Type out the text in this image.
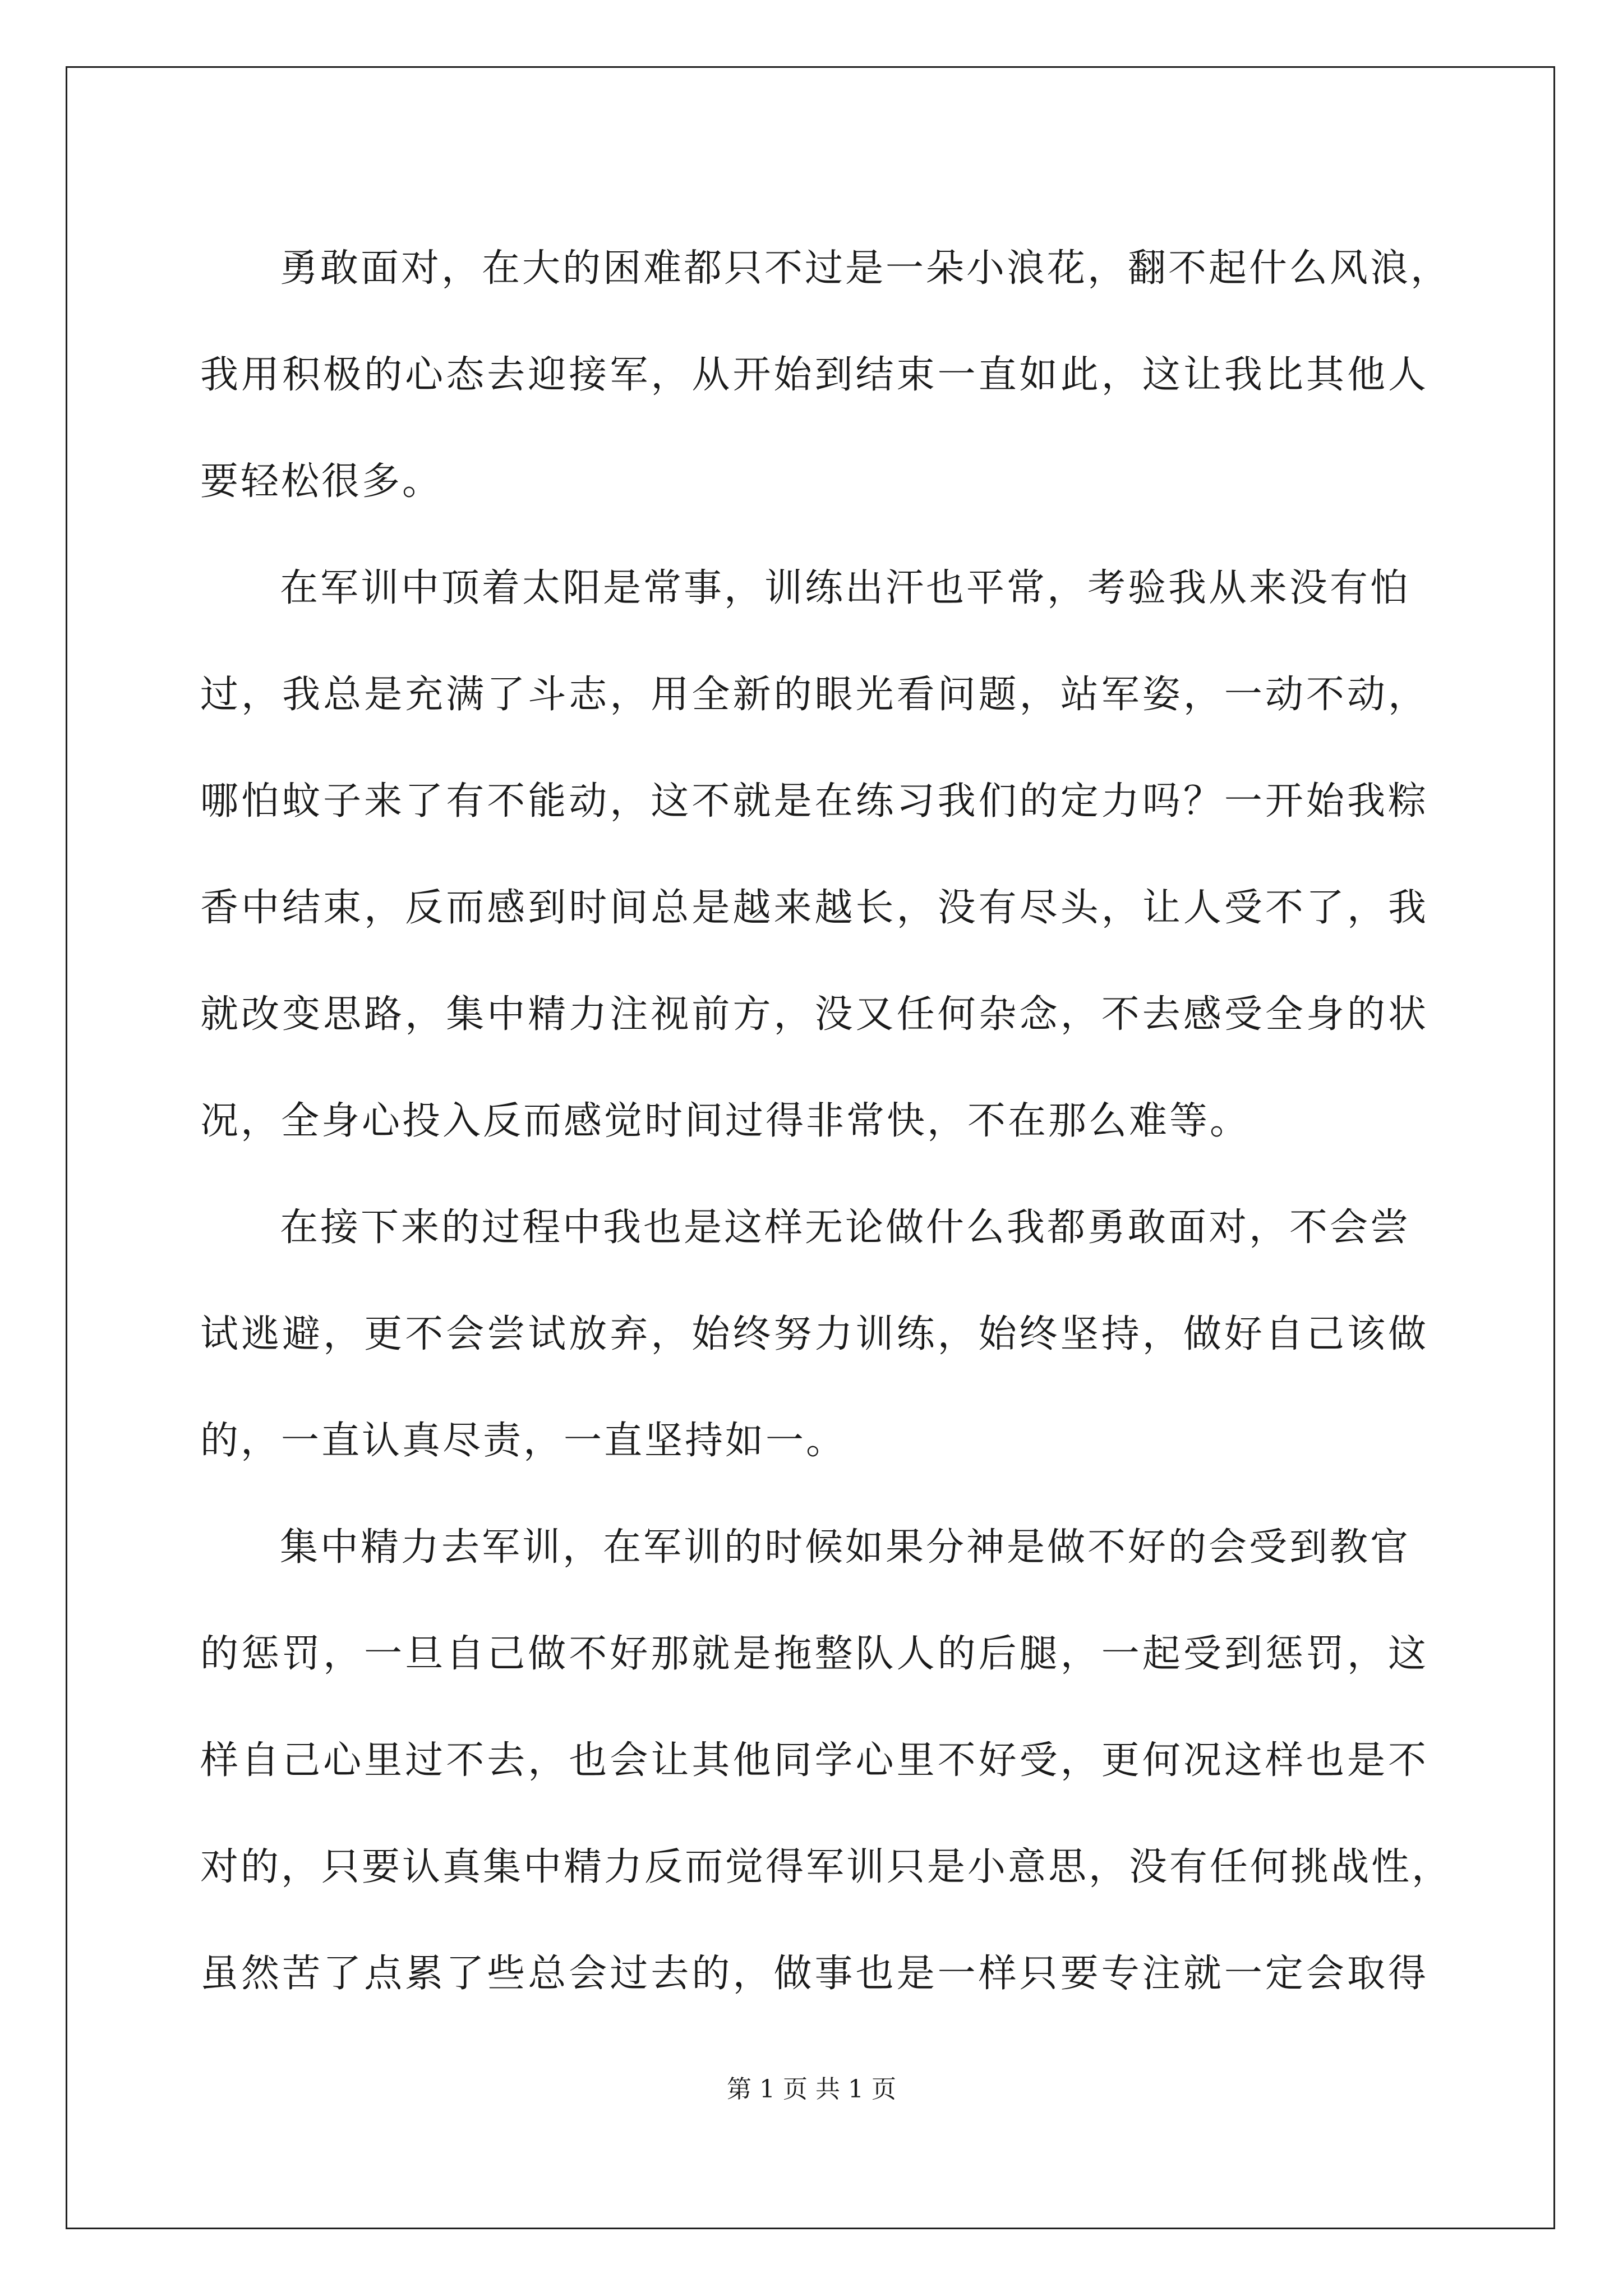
勇敢面对，在大的困难都只不过是一朵小浪花，翻不起什么风浪，
我用积极的心态去迎接军，从开始到结束一直如此，这让我比其他人
要轻松很多。
在军训中顶着太阳是常事，训练出汗也平常，考验我从来没有怕
过，我总是充满了斗志，用全新的眼光看问题，站军姿，一动不动，
哪怕蚊子来了有不能动，这不就是在练习我们的定力吗？一开始我粽
香中结束，反而感到时间总是越来越长，没有尽头，让人受不了，我
就改变思路，集中精力注视前方，没又任何杂念，不去感受全身的状
况，全身心投入反而感觉时间过得非常快，不在那么难等。
在接下来的过程中我也是这样无论做什么我都勇敢面对，不会尝
试逃避，更不会尝试放弃，始终努力训练，始终坚持，做好自己该做
的，一直认真尽责，一直坚持如一。
集中精力去军训，在军训的时候如果分神是做不好的会受到教官
的惩罚，一旦自己做不好那就是拖整队人的后腿，一起受到惩罚，这
样自己心里过不去，也会让其他同学心里不好受，更何况这样也是不
对的，只要认真集中精力反而觉得军训只是小意思，没有任何挑战性，
虽然苦了点累了些总会过去的，做事也是一样只要专注就一定会取得
第 1 页 共 1 页
